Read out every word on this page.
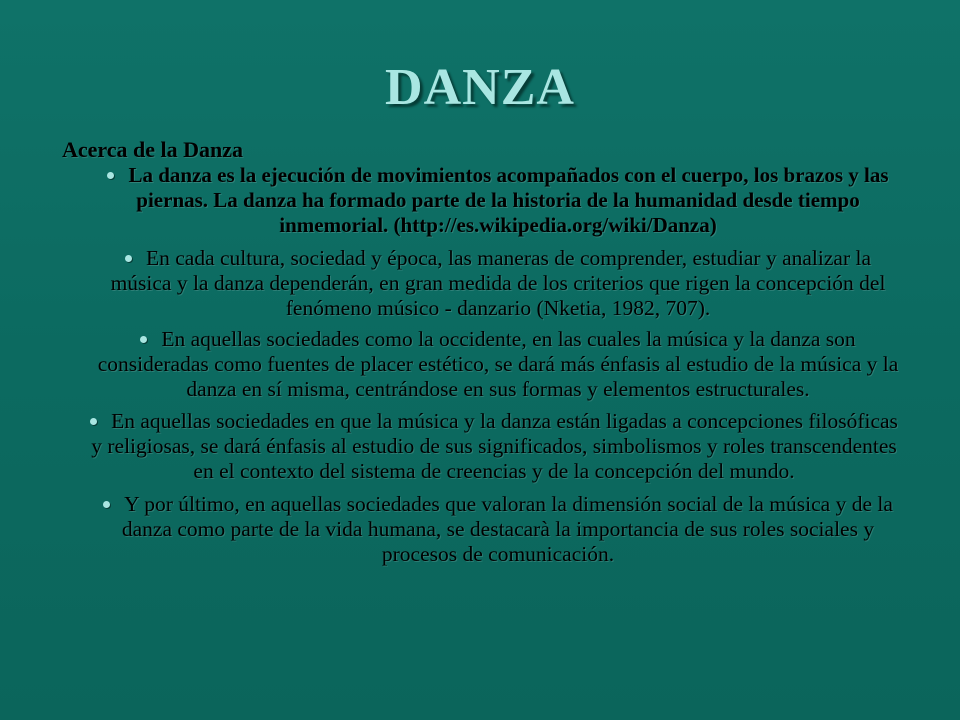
DANZA
Acerca de la Danza
La danza es la ejecución de movimientos acompañados con el cuerpo, los brazos y las piernas. La danza ha formado parte de la historia de la humanidad desde tiempo inmemorial. (http://es.wikipedia.org/wiki/Danza)
En cada cultura, sociedad y época, las maneras de comprender, estudiar y analizar la música y la danza dependerán, en gran medida de los criterios que rigen la concepción del fenómeno músico - danzario (Nketia, 1982, 707).
En aquellas sociedades como la occidente, en las cuales la música y la danza son consideradas como fuentes de placer estético, se dará más énfasis al estudio de la música y la danza en sí misma, centrándose en sus formas y elementos estructurales.
En aquellas sociedades en que la música y la danza están ligadas a concepciones filosóficas y religiosas, se dará énfasis al estudio de sus significados, simbolismos y roles transcendentes en el contexto del sistema de creencias y de la concepción del mundo.
Y por último, en aquellas sociedades que valoran la dimensión social de la música y de la danza como parte de la vida humana, se destacarà la importancia de sus roles sociales y procesos de comunicación.
